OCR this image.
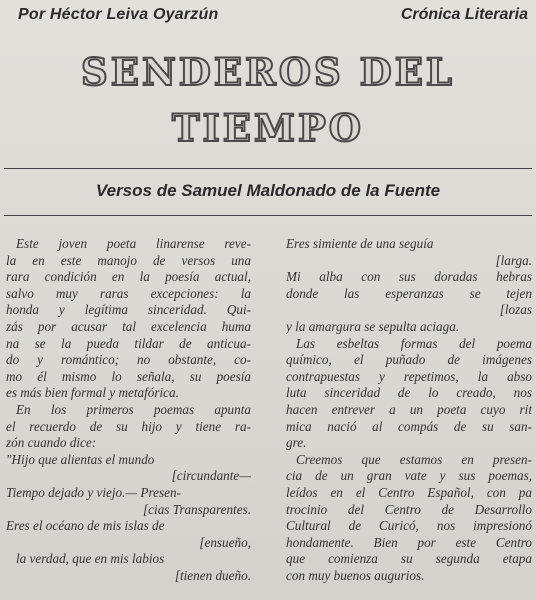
Por Héctor Leiva Oyarzún	Crónica Literaria
SENDEROS DEL
TIEMPO
Versos de Samuel Maldonado de la Fuente
Este joven poeta linarense reve-
la en este manojo de versos una
rara condición en la poesía actual,
salvo muy raras excepciones: la
honda y legítima sinceridad. Qui-
zás por acusar tal excelencia huma
na se la pueda tildar de anticua-
do y romántico; no obstante, co-
mo él mismo lo señala, su poesía
es más bien formal y metafórica.
En los primeros poemas apunta
el recuerdo de su hijo y tiene ra-
zón cuando dice:
"Hijo que alientas el mundo
[circundante—
Tiempo dejado y viejo.— Presen-
[cias Transparentes.
Eres el océano de mis islas de
[ensueño,
la verdad, que en mis labios
[tienen dueño.
Eres simiente de una seguía
[larga.
Mi alba con sus doradas hebras
donde las esperanzas se tejen
[lozas
y la amargura se sepulta aciaga.
Las esbeltas formas del poema
químico, el puñado de imágenes
contrapuestas y repetimos, la abso
luta sinceridad de lo creado, nos
hacen entrever a un poeta cuyo rit
mica nació al compás de su san-
gre.
Creemos que estamos en presen-
cia de un gran vate y sus poemas,
leídos en el Centro Español, con pa
trocinio del Centro de Desarrollo
Cultural de Curicó, nos impresionó
hondamente. Bien por este Centro
que comienza su segunda etapa
con muy buenos augurios.
